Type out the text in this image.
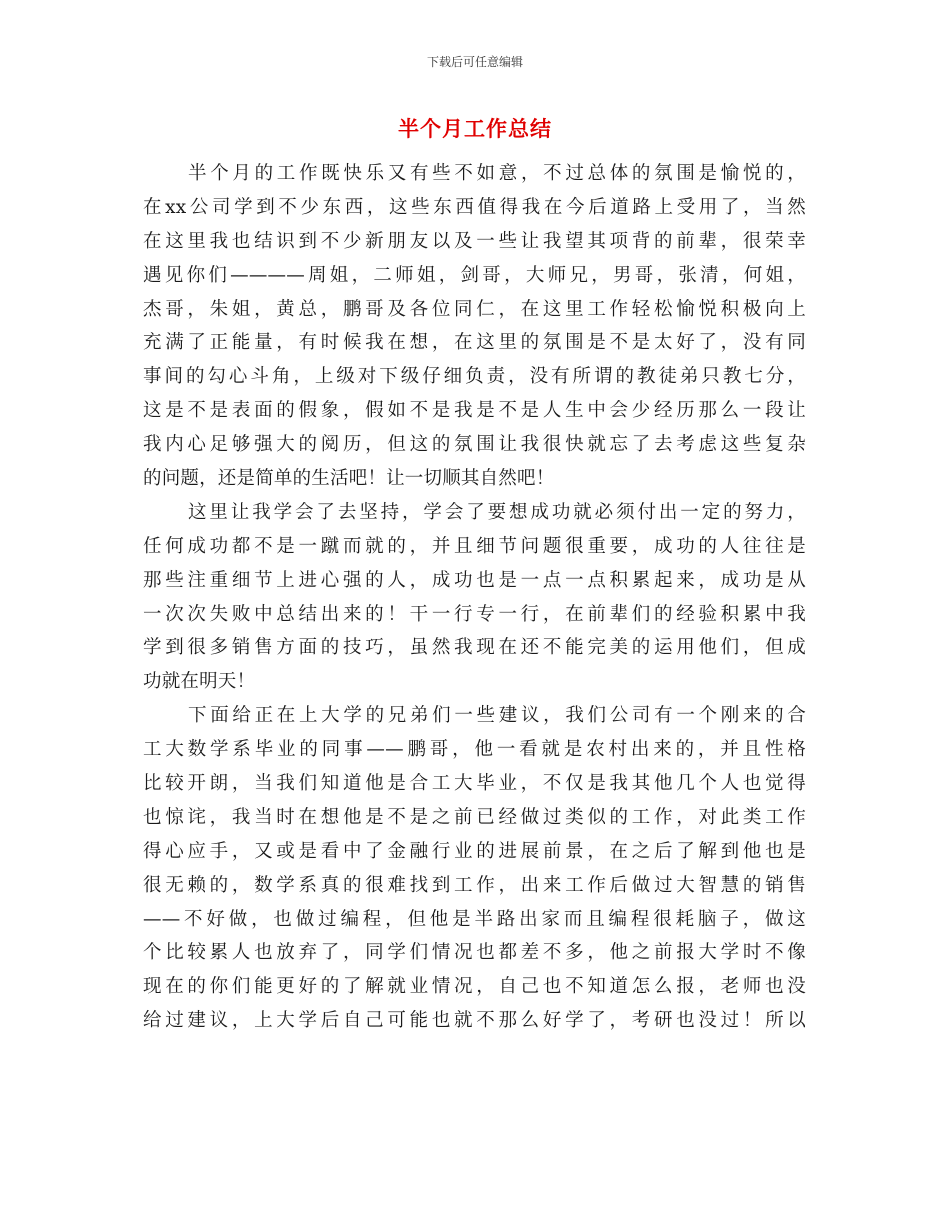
下载后可任意编辑
半个月工作总结
半个月的工作既快乐又有些不如意，不过总体的氛围是愉悦的，
在xx公司学到不少东西，这些东西值得我在今后道路上受用了，当然
在这里我也结识到不少新朋友以及一些让我望其项背的前辈，很荣幸
遇见你们————周姐，二师姐，剑哥，大师兄，男哥，张清，何姐，
杰哥，朱姐，黄总，鹏哥及各位同仁，在这里工作轻松愉悦积极向上
充满了正能量，有时候我在想，在这里的氛围是不是太好了，没有同
事间的勾心斗角，上级对下级仔细负责，没有所谓的教徒弟只教七分，
这是不是表面的假象，假如不是我是不是人生中会少经历那么一段让
我内心足够强大的阅历，但这的氛围让我很快就忘了去考虑这些复杂
的问题，还是简单的生活吧！让一切顺其自然吧！
这里让我学会了去坚持，学会了要想成功就必须付出一定的努力，
任何成功都不是一蹴而就的，并且细节问题很重要，成功的人往往是
那些注重细节上进心强的人，成功也是一点一点积累起来，成功是从
一次次失败中总结出来的！干一行专一行，在前辈们的经验积累中我
学到很多销售方面的技巧，虽然我现在还不能完美的运用他们，但成
功就在明天！
下面给正在上大学的兄弟们一些建议，我们公司有一个刚来的合
工大数学系毕业的同事——鹏哥，他一看就是农村出来的，并且性格
比较开朗，当我们知道他是合工大毕业，不仅是我其他几个人也觉得
也惊诧，我当时在想他是不是之前已经做过类似的工作，对此类工作
得心应手，又或是看中了金融行业的进展前景，在之后了解到他也是
很无赖的，数学系真的很难找到工作，出来工作后做过大智慧的销售
——不好做，也做过编程，但他是半路出家而且编程很耗脑子，做这
个比较累人也放弃了，同学们情况也都差不多，他之前报大学时不像
现在的你们能更好的了解就业情况，自己也不知道怎么报，老师也没
给过建议，上大学后自己可能也就不那么好学了，考研也没过！所以
